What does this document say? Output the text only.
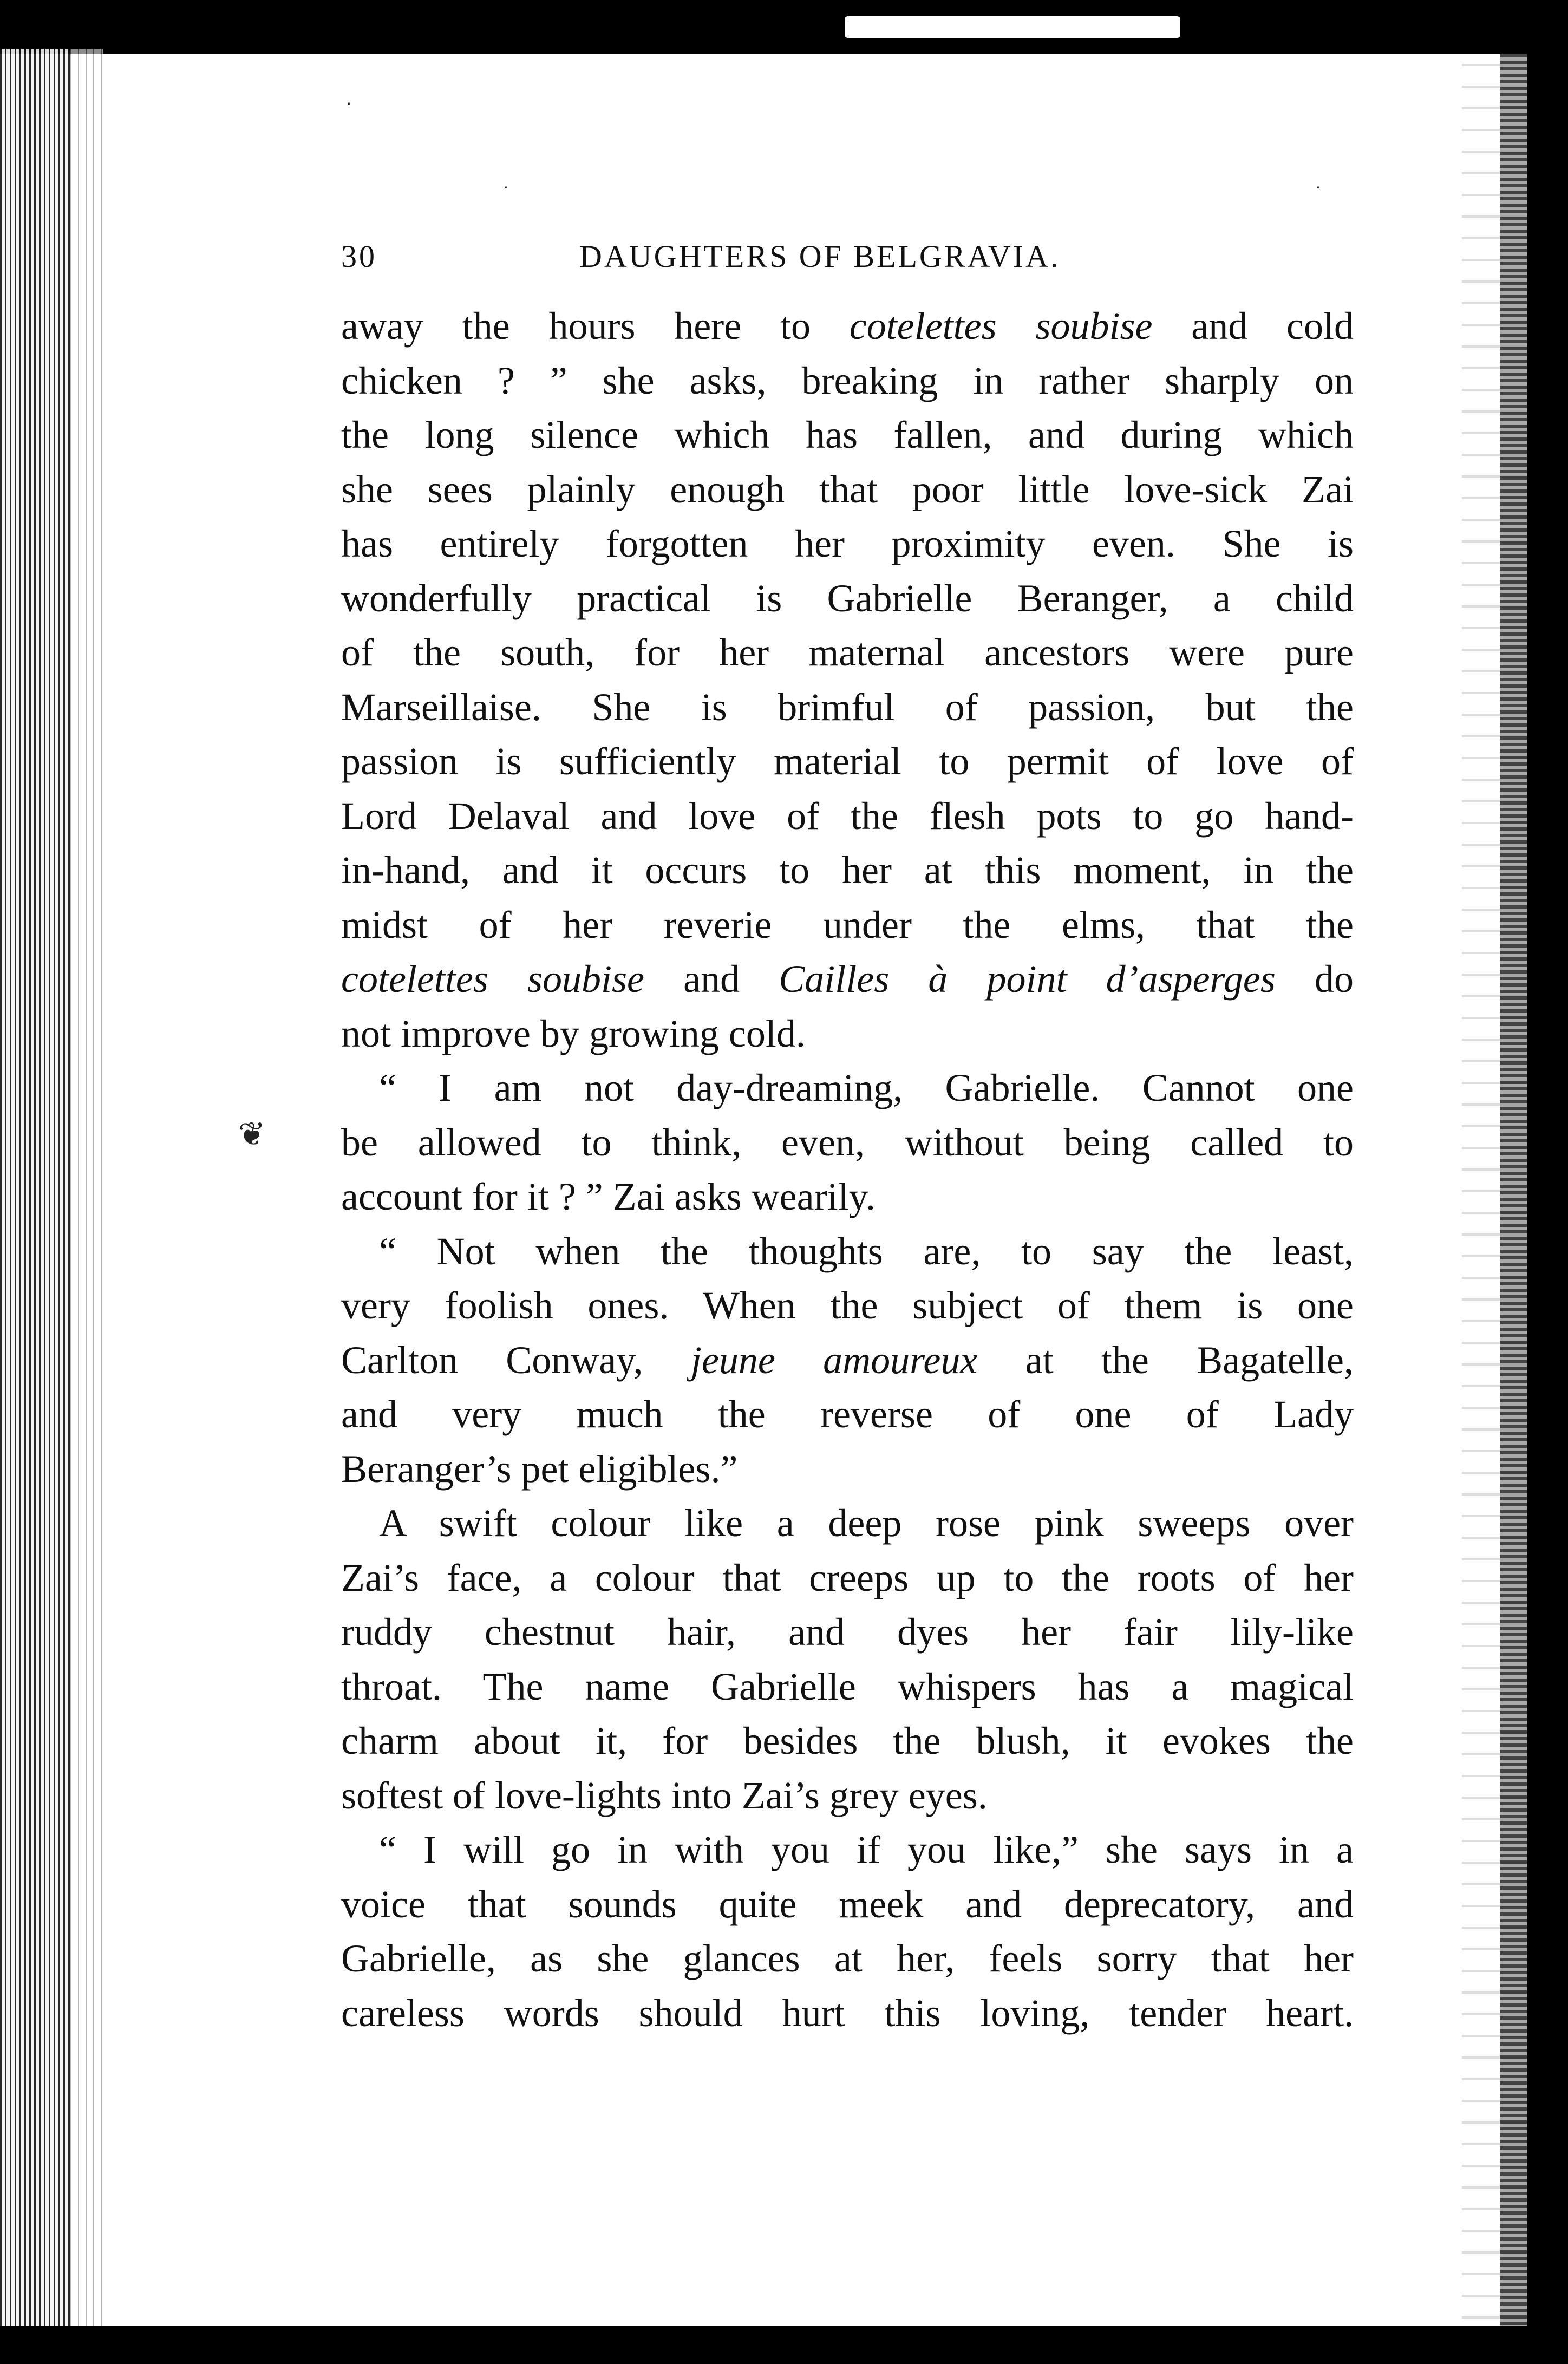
❦
·
·	·
30	DAUGHTERS OF BELGRAVIA.
away the hours here to cotelettes soubise and cold
chicken ? ” she asks, breaking in rather sharply on
the long silence which has fallen, and during which
she sees plainly enough that poor little love-sick Zai
has entirely forgotten her proximity even. She is
wonderfully practical is Gabrielle Beranger, a child
of the south, for her maternal ancestors were pure
Marseillaise. She is brimful of passion, but the
passion is sufficiently material to permit of love of
Lord Delaval and love of the flesh pots to go hand-
in-hand, and it occurs to her at this moment, in the
midst of her reverie under the elms, that the
cotelettes soubise and Cailles à point d’asperges do
not improve by growing cold.
“ I am not day-dreaming, Gabrielle. Cannot one
be allowed to think, even, without being called to
account for it ? ” Zai asks wearily.
“ Not when the thoughts are, to say the least,
very foolish ones. When the subject of them is one
Carlton Conway, jeune amoureux at the Bagatelle,
and very much the reverse of one of Lady
Beranger’s pet eligibles.”
A swift colour like a deep rose pink sweeps over
Zai’s face, a colour that creeps up to the roots of her
ruddy chestnut hair, and dyes her fair lily-like
throat. The name Gabrielle whispers has a magical
charm about it, for besides the blush, it evokes the
softest of love-lights into Zai’s grey eyes.
“ I will go in with you if you like,” she says in a
voice that sounds quite meek and deprecatory, and
Gabrielle, as she glances at her, feels sorry that her
careless words should hurt this loving, tender heart.
